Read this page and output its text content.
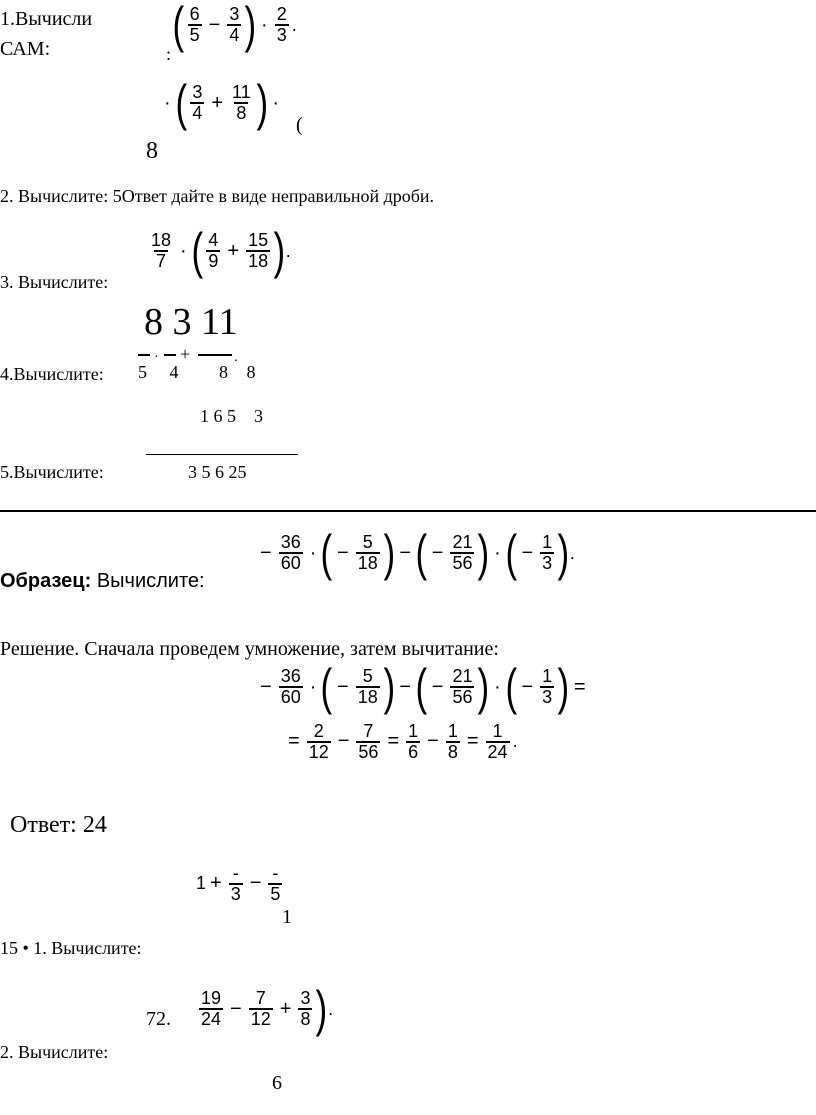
1.Вычисли
САМ:	( $\frac{6}{5} - \frac{3}{4}$ ) · $\frac{2}{3}$ .
:
· ( $\frac{3}{4} + \frac{11}{8}$ ) ·
(
8
2. Вычислите: 5Ответ дайте в виде неправильной дроби.
3. Вычислите:
$\frac{18}{7}$ · ( $\frac{4}{9} + \frac{15}{18}$ ) .
8 3 11
· +	.
4.Вычислите: 5 4 8 8
1 6 5    3
5.Вычислите:	3 5 6 25
Образец: Вычислите:
− $\frac{36}{60}$ · ( − $\frac{5}{18}$ ) − ( − $\frac{21}{56}$ ) · ( − $\frac{1}{3}$ ) .
Решение. Сначала проведем умножение, затем вычитание:
− $\frac{36}{60}$ · ( − $\frac{5}{18}$ ) − ( − $\frac{21}{56}$ ) · ( − $\frac{1}{3}$ ) =
= $\frac{2}{12} - \frac{7}{56} = \frac{1}{6} - \frac{1}{8} = \frac{1}{24}$ .
Ответ: 24
$1 + \frac{-}{3} - \frac{-}{5}$
1
15 • 1. Вычислите:
72. $\frac{19}{24} - \frac{7}{12} + \frac{3}{8}$ ) .
2. Вычислите:
6
